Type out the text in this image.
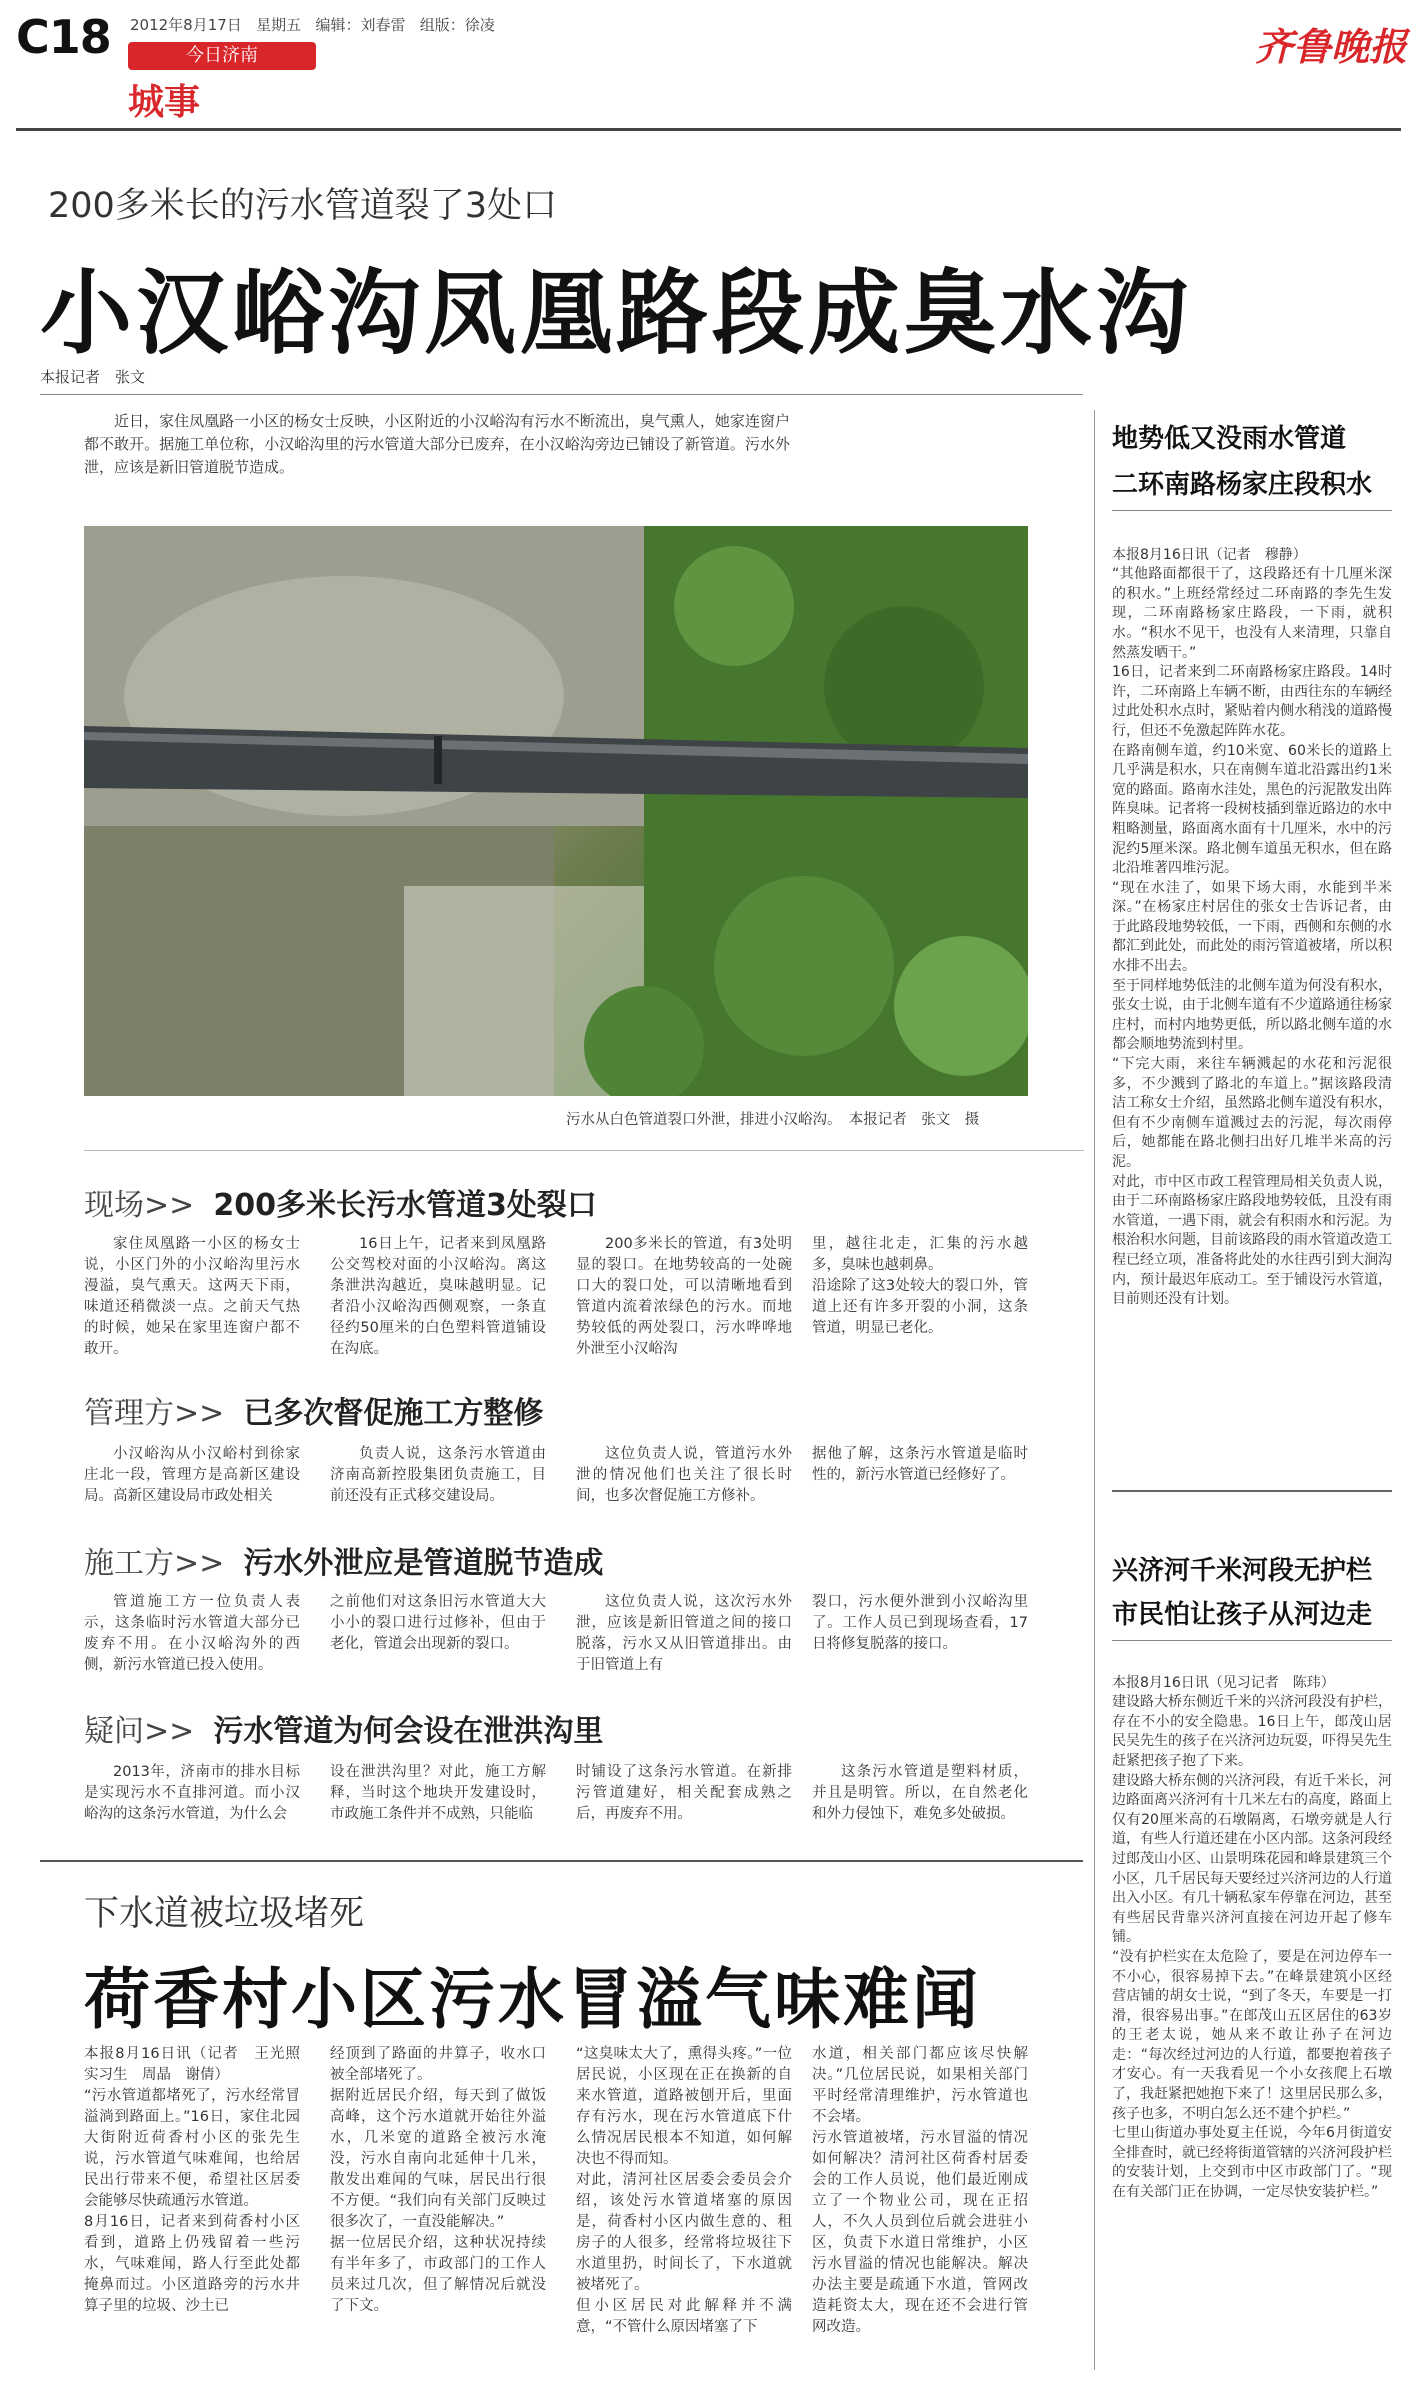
C18 2012年8月17日 星期五 编辑：刘春雷 组版：徐凌
今日济南
城事
齐鲁晚报
200多米长的污水管道裂了3处口
小汉峪沟凤凰路段成臭水沟
本报记者　张文

近日，家住凤凰路一小区的杨女士反映，小区附近的小汉峪沟有污水不断流出，臭气熏人，她家连窗户都不敢开。据施工单位称，小汉峪沟里的污水管道大部分已废弃，在小汉峪沟旁边已铺设了新管道。污水外泄，应该是新旧管道脱节造成。

污水从白色管道裂口外泄，排进小汉峪沟。　本报记者　张文　摄
现场>> 200多米长污水管道3处裂口

家住凤凰路一小区的杨女士说，小区门外的小汉峪沟里污水漫溢，臭气熏天。这两天下雨，味道还稍微淡一点。之前天气热的时候，她呆在家里连窗户都不敢开。

16日上午，记者来到凤凰路公交驾校对面的小汉峪沟。离这条泄洪沟越近，臭味越明显。记者沿小汉峪沟西侧观察，一条直径约50厘米的白色塑料管道铺设在沟底。

200多米长的管道，有3处明显的裂口。在地势较高的一处碗口大的裂口处，可以清晰地看到管道内流着浓绿色的污水。而地势较低的两处裂口，污水哗哗地外泄至小汉峪沟

里，越往北走，汇集的污水越多，臭味也越刺鼻。
沿途除了这3处较大的裂口外，管道上还有许多开裂的小洞，这条管道，明显已老化。

管理方>> 已多次督促施工方整修

小汉峪沟从小汉峪村到徐家庄北一段，管理方是高新区建设局。高新区建设局市政处相关

负责人说，这条污水管道由济南高新控股集团负责施工，目前还没有正式移交建设局。

这位负责人说，管道污水外泄的情况他们也关注了很长时间，也多次督促施工方修补。

据他了解，这条污水管道是临时性的，新污水管道已经修好了。

施工方>> 污水外泄应是管道脱节造成

管道施工方一位负责人表示，这条临时污水管道大部分已废弃不用。在小汉峪沟外的西侧，新污水管道已投入使用。

之前他们对这条旧污水管道大大小小的裂口进行过修补，但由于老化，管道会出现新的裂口。

这位负责人说，这次污水外泄，应该是新旧管道之间的接口脱落，污水又从旧管道排出。由于旧管道上有

裂口，污水便外泄到小汉峪沟里了。工作人员已到现场查看，17日将修复脱落的接口。

疑问>> 污水管道为何会设在泄洪沟里

2013年，济南市的排水目标是实现污水不直排河道。而小汉峪沟的这条污水管道，为什么会

设在泄洪沟里？对此，施工方解释，当时这个地块开发建设时，市政施工条件并不成熟，只能临

时铺设了这条污水管道。在新排污管道建好，相关配套成熟之后，再废弃不用。

这条污水管道是塑料材质，并且是明管。所以，在自然老化和外力侵蚀下，难免多处破损。

下水道被垃圾堵死
荷香村小区污水冒溢气味难闻

本报8月16日讯（记者　王光照　实习生　周晶　谢倩）
“污水管道都堵死了，污水经常冒溢淌到路面上。”16日，家住北园大街附近荷香村小区的张先生说，污水管道气味难闻，也给居民出行带来不便，希望社区居委会能够尽快疏通污水管道。
8月16日，记者来到荷香村小区看到，道路上仍残留着一些污水，气味难闻，路人行至此处都掩鼻而过。小区道路旁的污水井算子里的垃圾、沙土已

经顶到了路面的井算子，收水口被全部堵死了。
据附近居民介绍，每天到了做饭高峰，这个污水道就开始往外溢水，几米宽的道路全被污水淹没，污水自南向北延伸十几米，散发出难闻的气味，居民出行很不方便。“我们向有关部门反映过很多次了，一直没能解决。”
据一位居民介绍，这种状况持续有半年多了，市政部门的工作人员来过几次，但了解情况后就没了下文。

“这臭味太大了，熏得头疼。”一位居民说，小区现在正在换新的自来水管道，道路被刨开后，里面存有污水，现在污水管道底下什么情况居民根本不知道，如何解决也不得而知。
对此，清河社区居委会委员会介绍，该处污水管道堵塞的原因是，荷香村小区内做生意的、租房子的人很多，经常将垃圾往下水道里扔，时间长了，下水道就被堵死了。
但小区居民对此解释并不满意，“不管什么原因堵塞了下

水道，相关部门都应该尽快解决。”几位居民说，如果相关部门平时经常清理维护，污水管道也不会堵。
污水管道被堵，污水冒溢的情况如何解决？清河社区荷香村居委会的工作人员说，他们最近刚成立了一个物业公司，现在正招人，不久人员到位后就会进驻小区，负责下水道日常维护，小区污水冒溢的情况也能解决。解决办法主要是疏通下水道，管网改造耗资太大，现在还不会进行管网改造。

地势低又没雨水管道
二环南路杨家庄段积水

本报8月16日讯（记者　穆静）
“其他路面都很干了，这段路还有十几厘米深的积水。”上班经常经过二环南路的李先生发现，二环南路杨家庄路段，一下雨，就积水。“积水不见干，也没有人来清理，只靠自然蒸发晒干。”
16日，记者来到二环南路杨家庄路段。14时许，二环南路上车辆不断，由西往东的车辆经过此处积水点时，紧贴着内侧水稍浅的道路慢行，但还不免激起阵阵水花。
在路南侧车道，约10米宽、60米长的道路上几乎满是积水，只在南侧车道北沿露出约1米宽的路面。路南水洼处，黑色的污泥散发出阵阵臭味。记者将一段树枝插到靠近路边的水中粗略测量，路面离水面有十几厘米，水中的污泥约5厘米深。路北侧车道虽无积水，但在路北沿堆著四堆污泥。
“现在水洼了，如果下场大雨，水能到半米深。”在杨家庄村居住的张女士告诉记者，由于此路段地势较低，一下雨，西侧和东侧的水都汇到此处，而此处的雨污管道被堵，所以积水排不出去。
至于同样地势低洼的北侧车道为何没有积水，张女士说，由于北侧车道有不少道路通往杨家庄村，而村内地势更低，所以路北侧车道的水都会顺地势流到村里。
“下完大雨，来往车辆溅起的水花和污泥很多，不少溅到了路北的车道上。”据该路段清洁工称女士介绍，虽然路北侧车道没有积水，但有不少南侧车道溅过去的污泥，每次雨停后，她都能在路北侧扫出好几堆半米高的污泥。
对此，市中区市政工程管理局相关负责人说，由于二环南路杨家庄路段地势较低，且没有雨水管道，一遇下雨，就会有积雨水和污泥。为根治积水问题，目前该路段的雨水管道改造工程已经立项，准备将此处的水往西引到大涧沟内，预计最迟年底动工。至于铺设污水管道，目前则还没有计划。

兴济河千米河段无护栏
市民怕让孩子从河边走

本报8月16日讯（见习记者　陈玮）
建设路大桥东侧近千米的兴济河段没有护栏，存在不小的安全隐患。16日上午，郎茂山居民吴先生的孩子在兴济河边玩耍，吓得吴先生赶紧把孩子抱了下来。
建设路大桥东侧的兴济河段，有近千米长，河边路面离兴济河有十几米左右的高度，路面上仅有20厘米高的石墩隔离，石墩旁就是人行道，有些人行道还建在小区内部。这条河段经过郎茂山小区、山景明珠花园和峰景建筑三个小区，几千居民每天要经过兴济河边的人行道出入小区。有几十辆私家车停靠在河边，甚至有些居民背靠兴济河直接在河边开起了修车铺。
“没有护栏实在太危险了，要是在河边停车一不小心，很容易掉下去。”在峰景建筑小区经营店铺的胡女士说，“到了冬天，车要是一打滑，很容易出事。”在郎茂山五区居住的63岁的王老太说，她从来不敢让孙子在河边走：“每次经过河边的人行道，都要抱着孩子才安心。有一天我看见一个小女孩爬上石墩了，我赶紧把她抱下来了！这里居民那么多，孩子也多，不明白怎么还不建个护栏。”
七里山街道办事处夏主任说，今年6月街道安全排查时，就已经将街道管辖的兴济河段护栏的安装计划，上交到市中区市政部门了。“现在有关部门正在协调，一定尽快安装护栏。”
